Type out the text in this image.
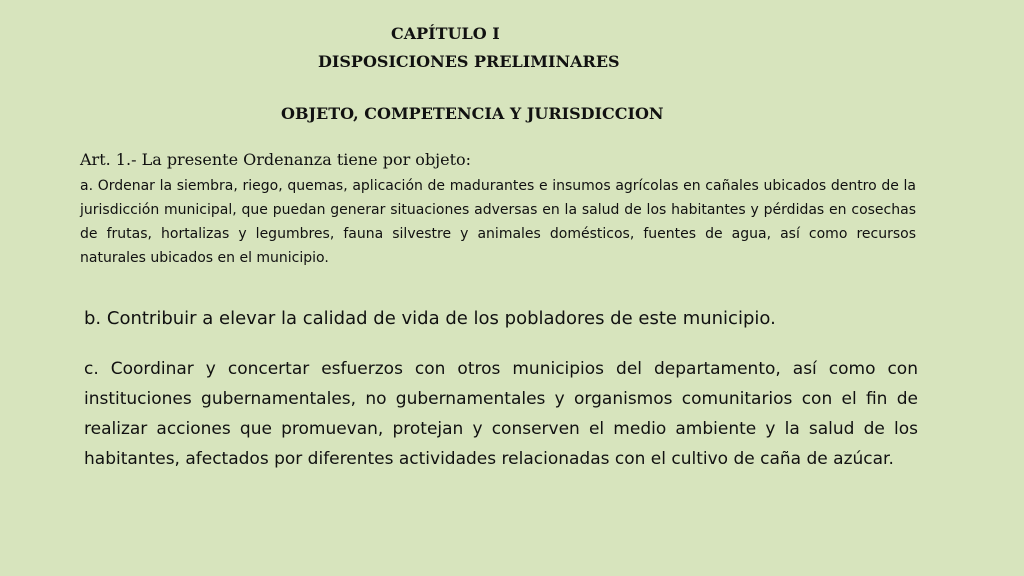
CAPÍTULO I
DISPOSICIONES PRELIMINARES
OBJETO, COMPETENCIA Y JURISDICCION

Art. 1.- La presente Ordenanza tiene por objeto:

a. Ordenar la siembra, riego, quemas, aplicación de madurantes e insumos agrícolas en cañales ubicados dentro de la jurisdicción municipal, que puedan generar situaciones adversas en la salud de los habitantes y pérdidas en cosechas de frutas, hortalizas y legumbres, fauna silvestre y animales domésticos, fuentes de agua, así como recursos naturales ubicados en el municipio.

b. Contribuir a elevar la calidad de vida de los pobladores de este municipio.

c. Coordinar y concertar esfuerzos con otros municipios del departamento, así como con instituciones gubernamentales, no gubernamentales y organismos comunitarios con el fin de realizar acciones que promuevan, protejan y conserven el medio ambiente y la salud de los habitantes, afectados por diferentes actividades relacionadas con el cultivo de caña de azúcar.
